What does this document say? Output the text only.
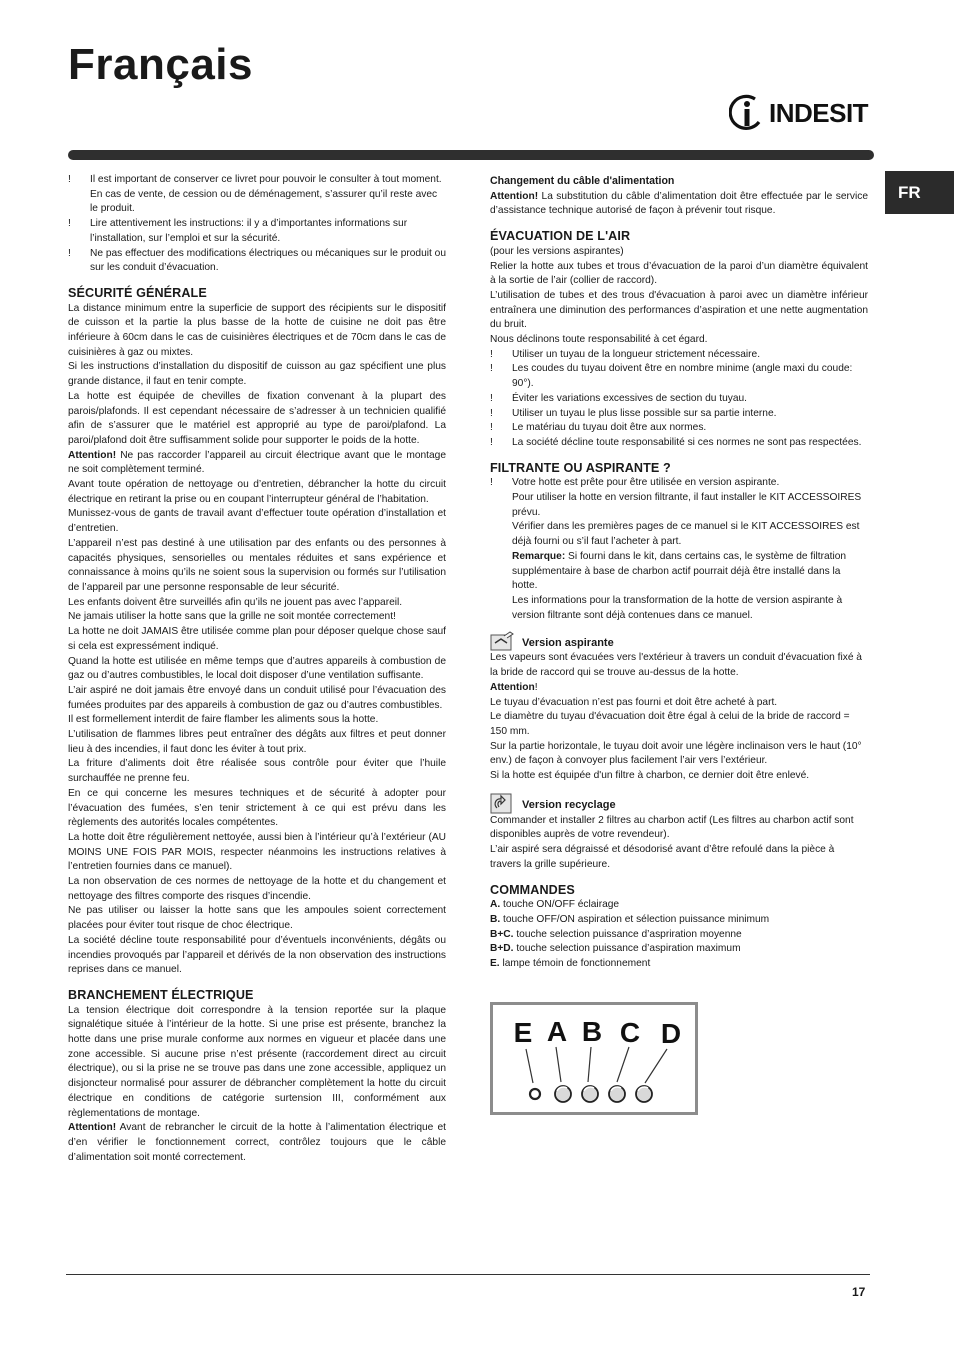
Français
INDESIT
FR
!	Il est important de conserver ce livret pour pouvoir le consulter à tout moment. En cas de vente, de cession ou de déménagement, s’assurer qu’il reste avec le produit.
!	Lire attentivement les instructions: il y a d’importantes informations sur l’installation, sur l’emploi et sur la sécurité.
!	Ne pas effectuer des modifications électriques ou mécaniques sur le produit ou sur les conduit d’évacuation.
SÉCURITÉ GÉNÉRALE

La distance minimum entre la superficie de support des récipients sur le dispositif de cuisson et la partie la plus basse de la hotte de cuisine ne doit pas être inférieure à 60cm dans le cas de cuisinières électriques et de 70cm dans le cas de cuisinières à gaz ou mixtes.

Si les instructions d’installation du dispositif de cuisson au gaz spécifient une plus grande distance, il faut en tenir compte.

La hotte est équipée de chevilles de fixation convenant à la plupart des parois/plafonds. Il est cependant nécessaire de s’adresser à un technicien qualifié afin de s’assurer que le matériel est approprié au type de paroi/plafond. La paroi/plafond doit être suffisamment solide pour supporter le poids de la hotte.

Attention! Ne pas raccorder l’appareil au circuit électrique avant que le montage ne soit complètement terminé.

Avant toute opération de nettoyage ou d’entretien, débrancher la hotte du circuit électrique en retirant la prise ou en coupant l’interrupteur général de l’habitation.

Munissez-vous de gants de travail avant d’effectuer toute opération d’installation et d’entretien.

L’appareil n’est pas destiné à une utilisation par des enfants ou des personnes à capacités physiques, sensorielles ou mentales réduites et sans expérience et connaissance à moins qu’ils ne soient sous la supervision ou formés sur l’utilisation de l’appareil par une personne responsable de leur sécurité.

Les enfants doivent être surveillés afin qu’ils ne jouent pas avec l’appareil.

Ne jamais utiliser la hotte sans que la grille ne soit montée correctement!

La hotte ne doit JAMAIS être utilisée comme plan pour déposer quelque chose sauf si cela est expressément indiqué.

Quand la hotte est utilisée en même temps que d’autres appareils à combustion de gaz ou d’autres combustibles, le local doit disposer d’une ventilation suffisante.

L’air aspiré ne doit jamais être envoyé dans un conduit utilisé pour l’évacuation des fumées produites par des appareils à combustion de gaz ou d’autres combustibles.

Il est formellement interdit de faire flamber les aliments sous la hotte.

L’utilisation de flammes libres peut entraîner des dégâts aux filtres et peut donner lieu à des incendies, il faut donc les éviter à tout prix.

La friture d’aliments doit être réalisée sous contrôle pour éviter que l’huile surchauffée ne prenne feu.

En ce qui concerne les mesures techniques et de sécurité à adopter pour l’évacuation des fumées, s’en tenir strictement à ce qui est prévu dans les règlements des autorités locales compétentes.

La hotte doit être régulièrement nettoyée, aussi bien à l’intérieur qu’à l’extérieur (AU MOINS UNE FOIS PAR MOIS, respecter néanmoins les instructions relatives à l’entretien fournies dans ce manuel).

La non observation de ces normes de nettoyage de la hotte et du changement et nettoyage des filtres comporte des risques d’incendie.

Ne pas utiliser ou laisser la hotte sans que les ampoules soient correctement placées pour éviter tout risque de choc électrique.

La société décline toute responsabilité pour d’éventuels inconvénients, dégâts ou incendies provoqués par l’appareil et dérivés de la non observation des instructions reprises dans ce manuel.

BRANCHEMENT ÉLECTRIQUE

La tension électrique doit correspondre à la tension reportée sur la plaque signalétique située à l’intérieur de la hotte. Si une prise est présente, branchez la hotte dans une prise murale conforme aux normes en vigueur et placée dans une zone accessible. Si aucune prise n’est présente (raccordement direct au circuit électrique), ou si la prise ne se trouve pas dans une zone accessible, appliquez un disjoncteur normalisé pour assurer de débrancher complètement la hotte du circuit électrique en conditions de catégorie surtension III, conformément aux règlementations de montage.

Attention! Avant de rebrancher le circuit de la hotte à l’alimentation électrique et d’en vérifier le fonctionnement correct, contrôlez toujours que le câble d’alimentation soit monté correctement.

Changement du câble d'alimentation

Attention! La substitution du câble d’alimentation doit être effectuée par le service d’assistance technique autorisé de façon à prévenir tout risque.

ÉVACUATION DE L'AIR

(pour les versions aspirantes)

Relier la hotte aux tubes et trous d’évacuation de la paroi d’un diamètre équivalent à la sortie de l’air (collier de raccord).

L’utilisation de tubes et des trous d'évacuation à paroi avec un diamètre inférieur entraînera une diminution des performances d’aspiration et une nette augmentation du bruit.

Nous déclinons toute responsabilité à cet égard.

!	Utiliser un tuyau de la longueur strictement nécessaire.
!	Les coudes du tuyau doivent être en nombre minime (angle maxi du coude: 90°).
!	Éviter les variations excessives de section du tuyau.
!	Utiliser un tuyau le plus lisse possible sur sa partie interne.
!	Le matériau du tuyau doit être aux normes.
!	La société décline toute responsabilité si ces normes ne sont pas respectées.
FILTRANTE OU ASPIRANTE ?
!	Votre hotte est prête pour être utilisée en version aspirante.

Pour utiliser la hotte en version filtrante, il faut installer le KIT ACCESSOIRES prévu.

Vérifier dans les premières pages de ce manuel si le KIT ACCESSOIRES est déjà fourni ou s’il faut l’acheter à part.

Remarque: Si fourni dans le kit, dans certains cas, le système de filtration supplémentaire à base de charbon actif pourrait déjà être installé dans la hotte.

Les informations pour la transformation de la hotte de version aspirante à version filtrante sont déjà contenues dans ce manuel.

Version aspirante

Les vapeurs sont évacuées vers l'extérieur à travers un conduit d'évacuation fixé à la bride de raccord qui se trouve au-dessus de la hotte.

Attention!

Le tuyau d’évacuation n’est pas fourni et doit être acheté à part.

Le diamètre du tuyau d'évacuation doit être égal à celui de la bride de raccord = 150 mm.

Sur la partie horizontale, le tuyau doit avoir une légère inclinaison vers le haut (10° env.) de façon à convoyer plus facilement l’air vers l’extérieur.

Si la hotte est équipée d'un filtre à charbon, ce dernier doit être enlevé.

Version recyclage

Commander et installer 2 filtres au charbon actif (Les filtres au charbon actif sont disponibles auprès de votre revendeur).

L’air aspiré sera dégraissé et désodorisé avant d’être refoulé dans la pièce à travers la grille supérieure.

COMMANDES

A. touche ON/OFF éclairage

B. touche OFF/ON aspiration et sélection puissance minimum

B+C. touche selection puissance d’aspriration moyenne

B+D. touche selection puissance d’aspiration maximum

E. lampe témoin de fonctionnement

E A B C D
17
